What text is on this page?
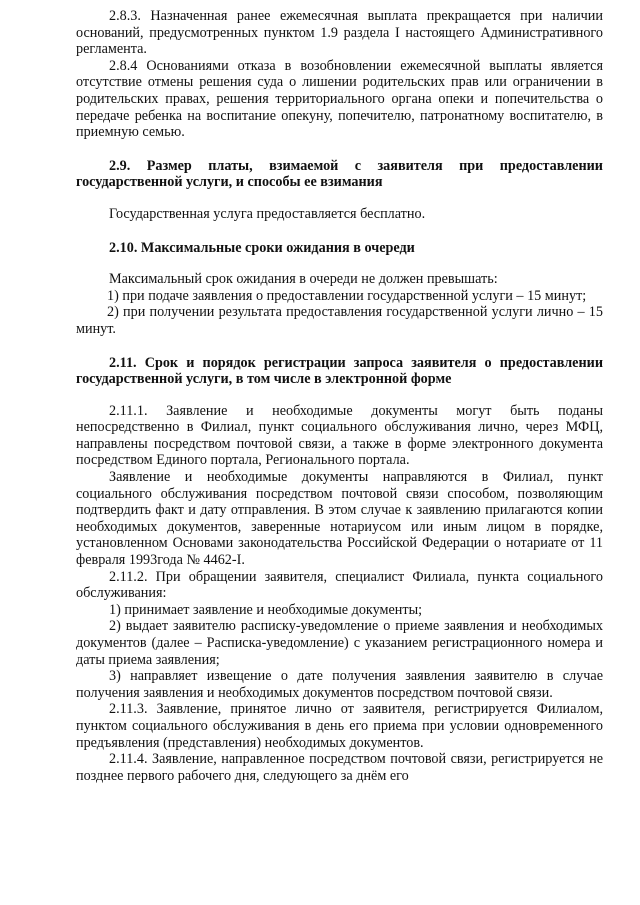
2.8.3. Назначенная ранее ежемесячная выплата прекращается при наличии оснований, предусмотренных пунктом 1.9 раздела I настоящего Административного регламента.

2.8.4 Основаниями отказа в возобновлении ежемесячной выплаты является отсутствие отмены решения суда о лишении родительских прав или ограничении в родительских правах, решения территориального органа опеки и попечительства о передаче ребенка на воспитание опекуну, попечителю, патронатному воспитателю, в приемную семью.

2.9. Размер платы, взимаемой с заявителя при предоставлении государственной услуги, и способы ее взимания

Государственная услуга предоставляется бесплатно.

2.10. Максимальные сроки ожидания в очереди

Максимальный срок ожидания в очереди не должен превышать:

1) при подаче заявления о предоставлении государственной услуги – 15 минут;

2) при получении результата предоставления государственной услуги лично – 15 минут.

2.11. Срок и порядок регистрации запроса заявителя о предоставлении государственной услуги, в том числе в электронной форме

2.11.1. Заявление и необходимые документы могут быть поданы непосредственно в Филиал, пункт социального обслуживания лично, через МФЦ, направлены посредством почтовой связи, а также в форме электронного документа посредством Единого портала, Регионального портала.

Заявление и необходимые документы направляются в Филиал, пункт социального обслуживания посредством почтовой связи способом, позволяющим подтвердить факт и дату отправления. В этом случае к заявлению прилагаются копии необходимых документов, заверенные нотариусом или иным лицом в порядке, установленном Основами законодательства Российской Федерации о нотариате от 11 февраля 1993года № 4462-I.

2.11.2. При обращении заявителя, специалист Филиала, пункта социального обслуживания:

1) принимает заявление и необходимые документы;

2) выдает заявителю расписку-уведомление о приеме заявления и необходимых документов (далее – Расписка-уведомление) с указанием регистрационного номера и даты приема заявления;

3) направляет извещение о дате получения заявления заявителю в случае получения заявления и необходимых документов посредством почтовой связи.

2.11.3. Заявление, принятое лично от заявителя, регистрируется Филиалом, пунктом социального обслуживания в день его приема при условии одновременного предъявления (представления) необходимых документов.

2.11.4. Заявление, направленное посредством почтовой связи, регистрируется не позднее первого рабочего дня, следующего за днём его
